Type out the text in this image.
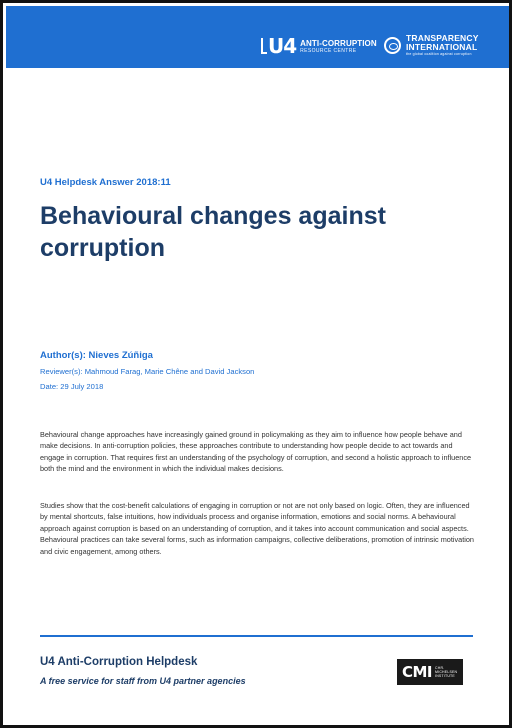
U4 ANTI-CORRUPTION
RESOURCE CENTRE
TRANSPARENCY
INTERNATIONAL
the global coalition against corruption
U4 Helpdesk Answer 2018:11
Behavioural changes against corruption
Author(s): Nieves Zúñiga
Reviewer(s): Mahmoud Farag, Marie Chêne and David Jackson
Date: 29 July 2018
Behavioural change approaches have increasingly gained ground in policymaking as they aim to influence how people behave and make decisions. In anti-corruption policies, these approaches contribute to understanding how people decide to act towards and engage in corruption. That requires first an understanding of the psychology of corruption, and second a holistic approach to influence both the mind and the environment in which the individual makes decisions.
Studies show that the cost-benefit calculations of engaging in corruption or not are not only based on logic. Often, they are influenced by mental shortcuts, false intuitions, how individuals process and organise information, emotions and social norms. A behavioural approach against corruption is based on an understanding of corruption, and it takes into account communication and social aspects. Behavioural practices can take several forms, such as information campaigns, collective deliberations, promotion of intrinsic motivation and civic engagement, among others.
U4 Anti-Corruption Helpdesk
A free service for staff from U4 partner agencies	CMI CHR. MICHELSEN INSTITUTE
